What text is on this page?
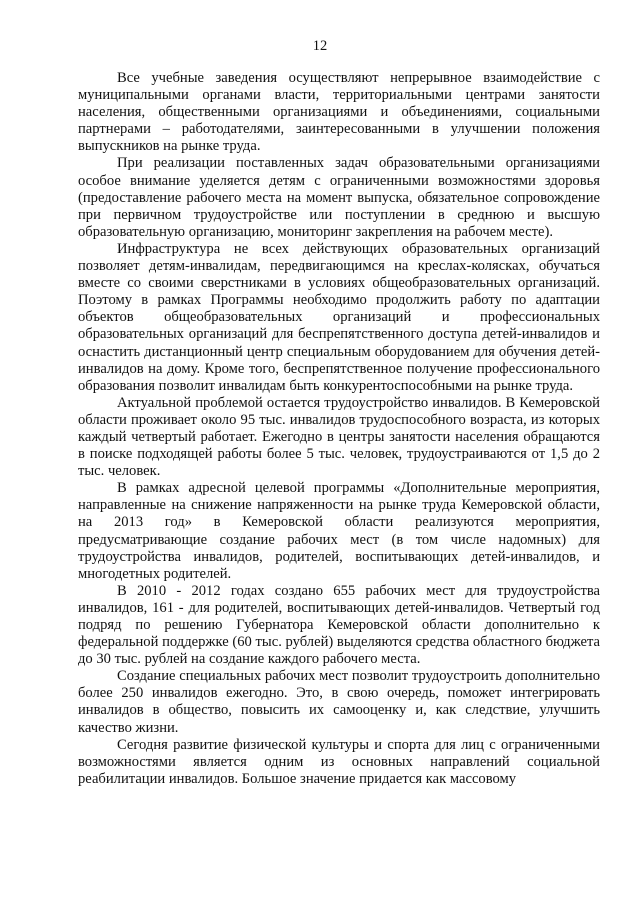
12

Все учебные заведения осуществляют непрерывное взаимодействие с муниципальными органами власти, территориальными центрами занятости населения, общественными организациями и объединениями, социальными партнерами – работодателями, заинтересованными в улучшении положения выпускников на рынке труда.

При реализации поставленных задач образовательными организациями особое внимание уделяется детям с ограниченными возможностями здоровья (предоставление рабочего места на момент выпуска, обязательное сопровождение при первичном трудоустройстве или поступлении в среднюю и высшую образовательную организацию, мониторинг закрепления на рабочем месте).

Инфраструктура не всех действующих образовательных организаций позволяет детям-инвалидам, передвигающимся на креслах-колясках, обучаться вместе со своими сверстниками в условиях общеобразовательных организаций. Поэтому в рамках Программы необходимо продолжить работу по адаптации объектов общеобразовательных организаций и профессиональных образовательных организаций для беспрепятственного доступа детей-инвалидов и оснастить дистанционный центр специальным оборудованием для обучения детей-инвалидов на дому. Кроме того, беспрепятственное получение профессионального образования позволит инвалидам быть конкурентоспособными на рынке труда.

Актуальной проблемой остается трудоустройство инвалидов. В Кемеровской области проживает около 95 тыс. инвалидов трудоспособного возраста, из которых каждый четвертый работает. Ежегодно в центры занятости населения обращаются в поиске подходящей работы более 5 тыс. человек, трудоустраиваются от 1,5 до 2 тыс. человек.

В рамках адресной целевой программы «Дополнительные мероприятия, направленные на снижение напряженности на рынке труда Кемеровской области, на 2013 год» в Кемеровской области реализуются мероприятия, предусматривающие создание рабочих мест (в том числе надомных) для трудоустройства инвалидов, родителей, воспитывающих детей-инвалидов, и многодетных родителей.

В 2010 - 2012 годах создано 655 рабочих мест для трудоустройства инвалидов, 161 - для родителей, воспитывающих детей-инвалидов. Четвертый год подряд по решению Губернатора Кемеровской области дополнительно к федеральной поддержке (60 тыс. рублей) выделяются средства областного бюджета до 30 тыс. рублей на создание каждого рабочего места.

Создание специальных рабочих мест позволит трудоустроить дополнительно более 250 инвалидов ежегодно. Это, в свою очередь, поможет интегрировать инвалидов в общество, повысить их самооценку и, как следствие, улучшить качество жизни.

Сегодня развитие физической культуры и спорта для лиц с ограниченными возможностями является одним из основных направлений социальной реабилитации инвалидов. Большое значение придается как массовому
